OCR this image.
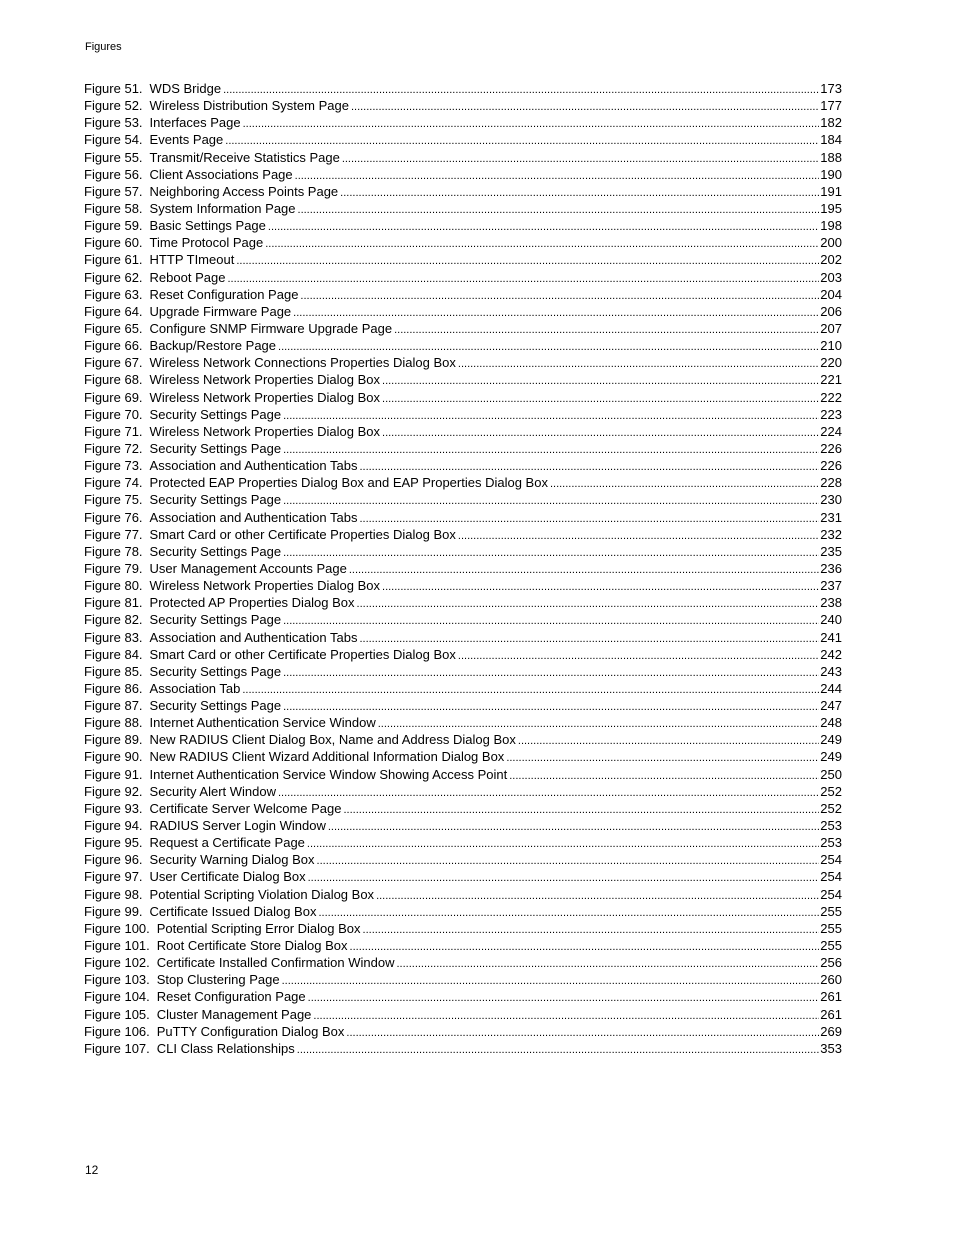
Figures
Figure 51. WDS Bridge .....	173
Figure 52. Wireless Distribution System Page .....	177
Figure 53. Interfaces Page .....	182
Figure 54. Events Page .....	184
Figure 55. Transmit/Receive Statistics Page .....	188
Figure 56. Client Associations Page .....	190
Figure 57. Neighboring Access Points Page .....	191
Figure 58. System Information Page .....	195
Figure 59. Basic Settings Page .....	198
Figure 60. Time Protocol Page .....	200
Figure 61. HTTP TImeout .....	202
Figure 62. Reboot Page .....	203
Figure 63. Reset Configuration Page .....	204
Figure 64. Upgrade Firmware Page .....	206
Figure 65. Configure SNMP Firmware Upgrade Page .....	207
Figure 66. Backup/Restore Page .....	210
Figure 67. Wireless Network Connections Properties Dialog Box .....	220
Figure 68. Wireless Network Properties Dialog Box .....	221
Figure 69. Wireless Network Properties Dialog Box .....	222
Figure 70. Security Settings Page .....	223
Figure 71. Wireless Network Properties Dialog Box .....	224
Figure 72. Security Settings Page .....	226
Figure 73. Association and Authentication Tabs .....	226
Figure 74. Protected EAP Properties Dialog Box and EAP Properties Dialog Box .....	228
Figure 75. Security Settings Page .....	230
Figure 76. Association and Authentication Tabs .....	231
Figure 77. Smart Card or other Certificate Properties Dialog Box .....	232
Figure 78. Security Settings Page .....	235
Figure 79. User Management Accounts Page .....	236
Figure 80. Wireless Network Properties Dialog Box .....	237
Figure 81. Protected AP Properties Dialog Box .....	238
Figure 82. Security Settings Page .....	240
Figure 83. Association and Authentication Tabs .....	241
Figure 84. Smart Card or other Certificate Properties Dialog Box .....	242
Figure 85. Security Settings Page .....	243
Figure 86. Association Tab .....	244
Figure 87. Security Settings Page .....	247
Figure 88. Internet Authentication Service Window .....	248
Figure 89. New RADIUS Client Dialog Box, Name and Address Dialog Box .....	249
Figure 90. New RADIUS Client Wizard Additional Information Dialog Box .....	249
Figure 91. Internet Authentication Service Window Showing Access Point .....	250
Figure 92. Security Alert Window .....	252
Figure 93. Certificate Server Welcome Page .....	252
Figure 94. RADIUS Server Login Window .....	253
Figure 95. Request a Certificate Page .....	253
Figure 96. Security Warning Dialog Box .....	254
Figure 97. User Certificate Dialog Box .....	254
Figure 98. Potential Scripting Violation Dialog Box .....	254
Figure 99. Certificate Issued Dialog Box .....	255
Figure 100. Potential Scripting Error Dialog Box .....	255
Figure 101. Root Certificate Store Dialog Box .....	255
Figure 102. Certificate Installed Confirmation Window .....	256
Figure 103. Stop Clustering Page .....	260
Figure 104. Reset Configuration Page .....	261
Figure 105. Cluster Management Page .....	261
Figure 106. PuTTY Configuration Dialog Box .....	269
Figure 107. CLI Class Relationships .....	353
12
